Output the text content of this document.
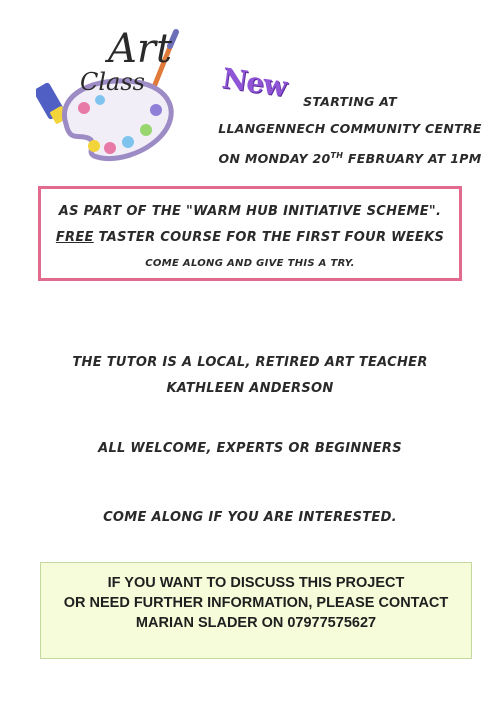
Art
Class	New	STARTING AT
LLANGENNECH COMMUNITY CENTRE
ON MONDAY 20TH FEBRUARY AT 1PM
AS PART OF THE "WARM HUB INITIATIVE SCHEME".
FREE TASTER COURSE FOR THE FIRST FOUR WEEKS
COME ALONG AND GIVE THIS A TRY.
THE TUTOR IS A LOCAL, RETIRED ART TEACHER
KATHLEEN ANDERSON
ALL WELCOME, EXPERTS OR BEGINNERS
COME ALONG IF YOU ARE INTERESTED.
IF YOU WANT TO DISCUSS THIS PROJECT
OR NEED FURTHER INFORMATION, PLEASE CONTACT
MARIAN SLADER ON 07977575627
